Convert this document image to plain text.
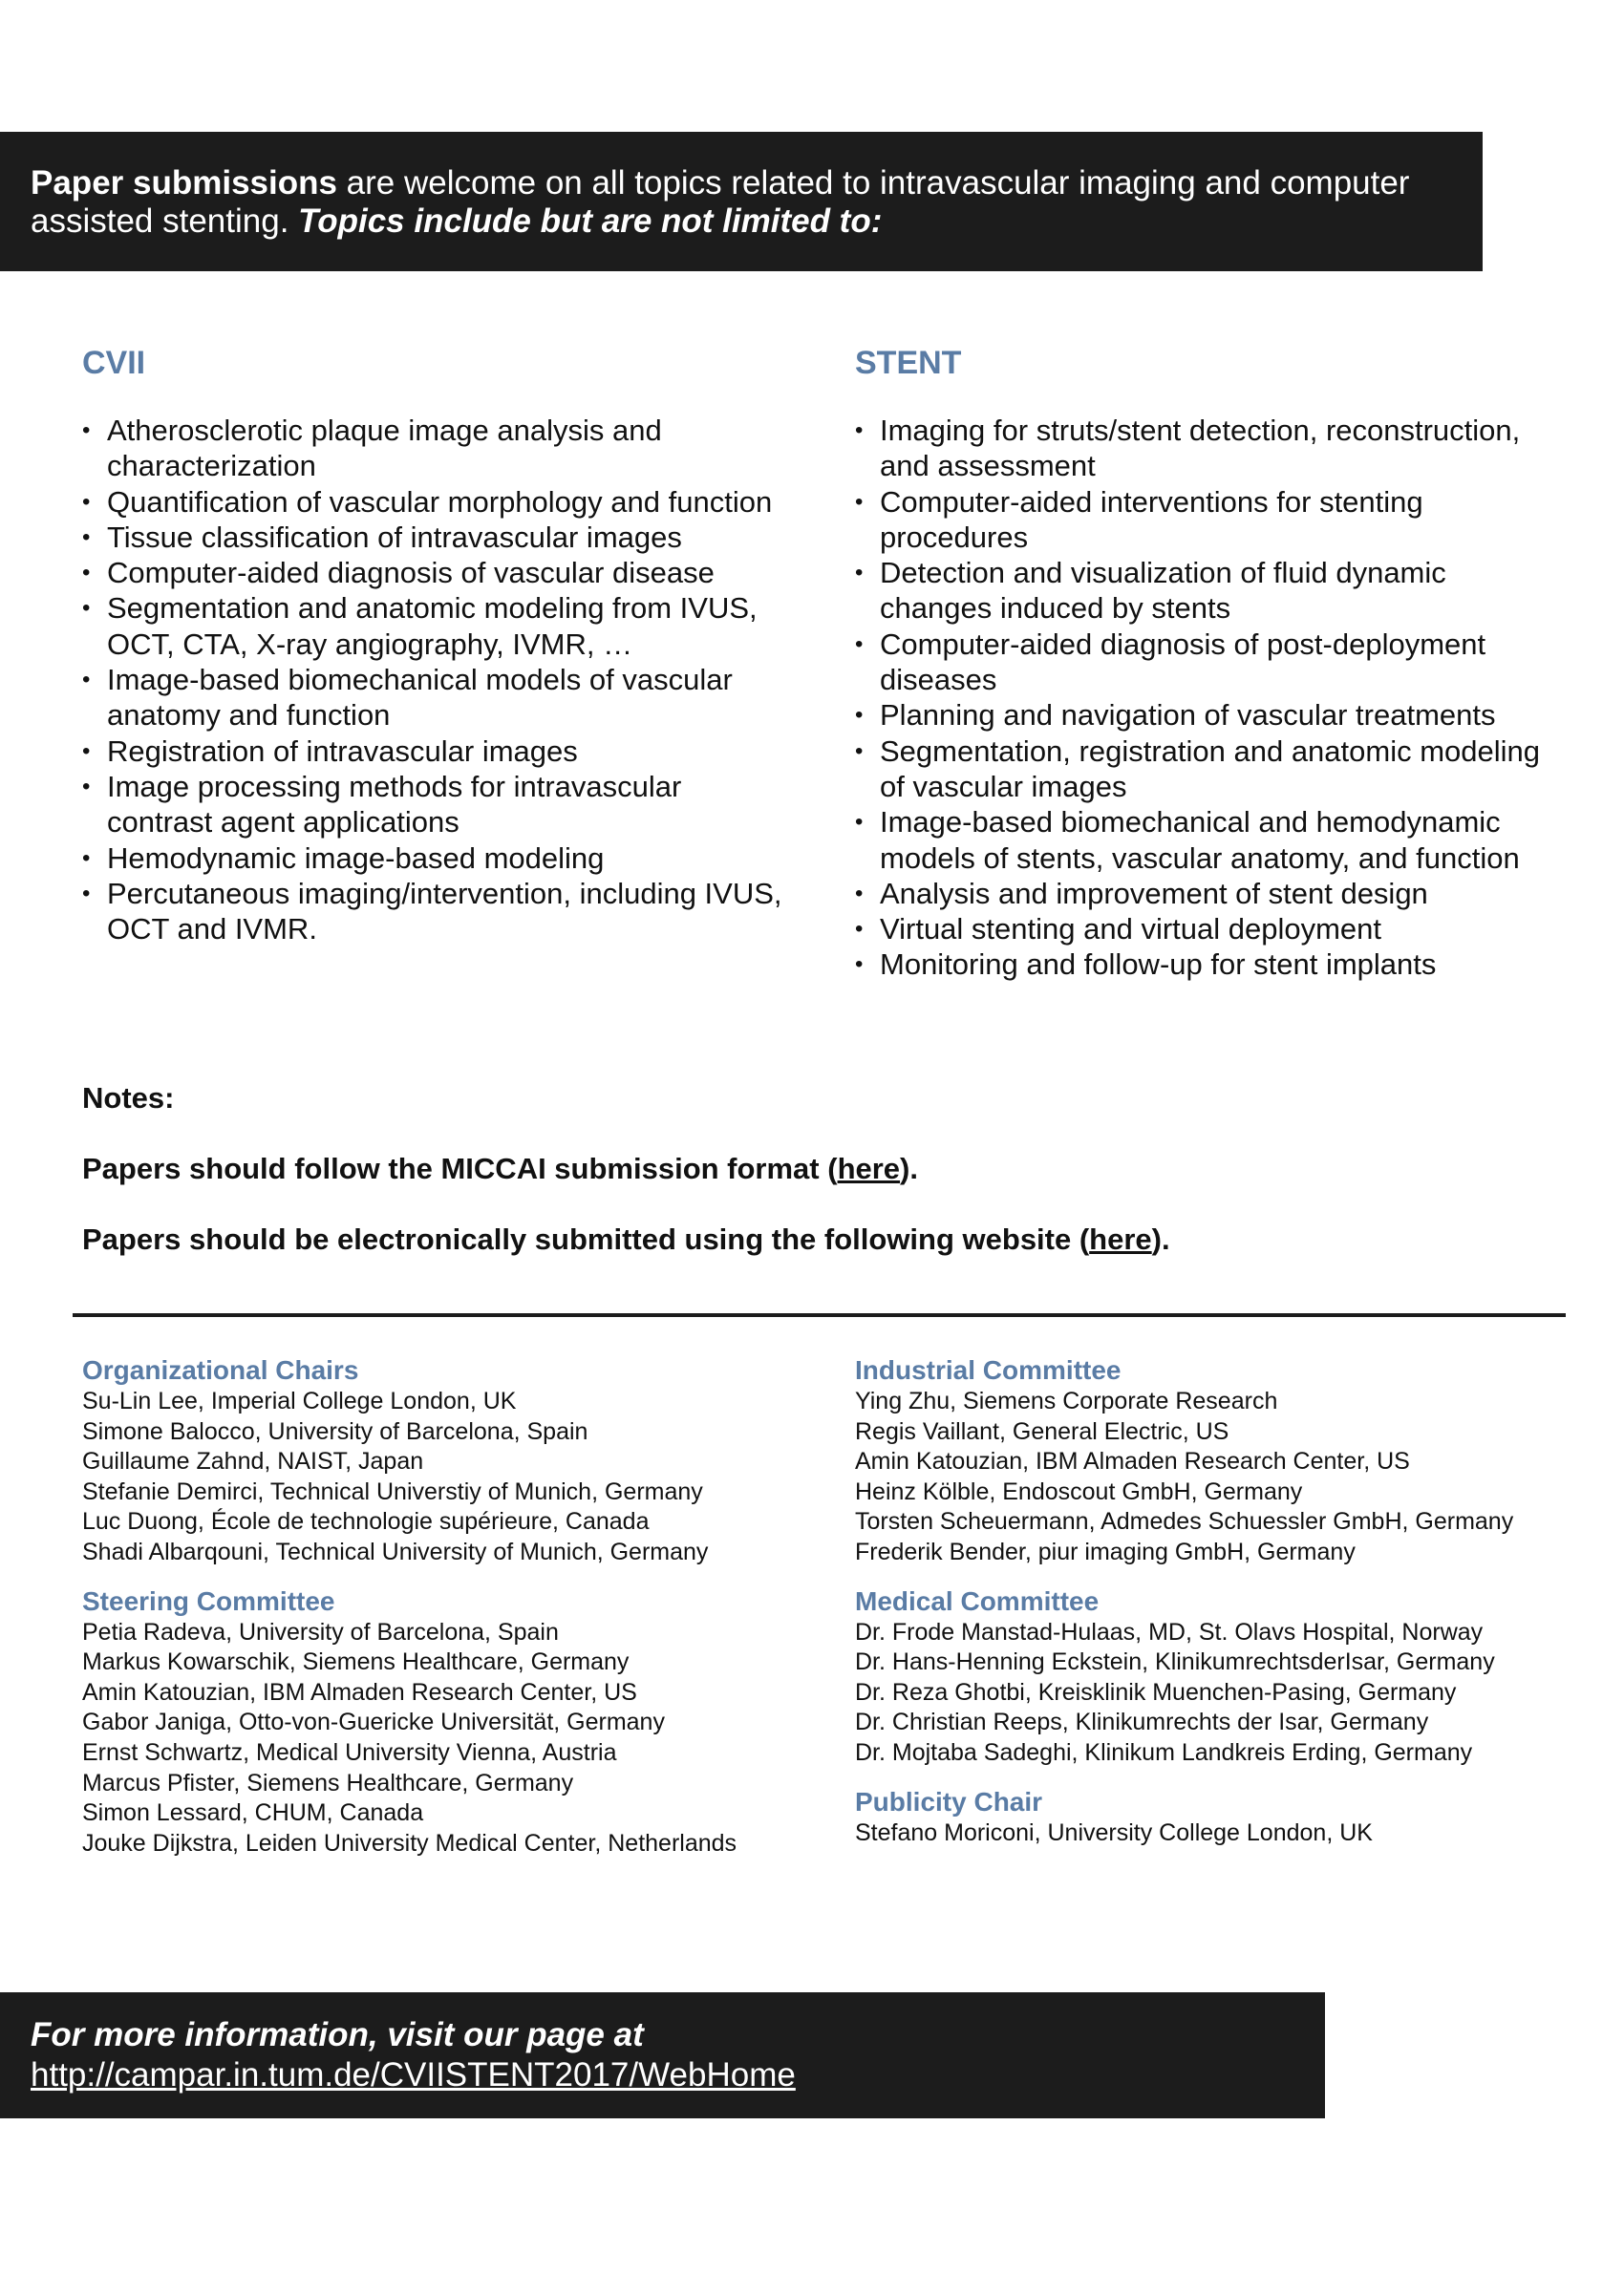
Paper submissions are welcome on all topics related to intravascular imaging and computer assisted stenting. Topics include but are not limited to:
CVII
• Atherosclerotic plaque image analysis and characterization
• Quantification of vascular morphology and function
• Tissue classification of intravascular images
• Computer-aided diagnosis of vascular disease
• Segmentation and anatomic modeling from IVUS, OCT, CTA, X-ray angiography, IVMR, …
• Image-based biomechanical models of vascular anatomy and function
• Registration of intravascular images
• Image processing methods for intravascular contrast agent applications
• Hemodynamic image-based modeling
• Percutaneous imaging/intervention, including IVUS, OCT and IVMR.
STENT
• Imaging for struts/stent detection, reconstruction, and assessment
• Computer-aided interventions for stenting procedures
• Detection and visualization of fluid dynamic changes induced by stents
• Computer-aided diagnosis of post-deployment diseases
• Planning and navigation of vascular treatments
• Segmentation, registration and anatomic modeling of vascular images
• Image-based biomechanical and hemodynamic models of stents, vascular anatomy, and function
• Analysis and improvement of stent design
• Virtual stenting and virtual deployment
• Monitoring and follow-up for stent implants

Notes:

Papers should follow the MICCAI submission format (here).

Papers should be electronically submitted using the following website (here).

Organizational Chairs
Su-Lin Lee, Imperial College London, UK
Simone Balocco, University of Barcelona, Spain
Guillaume Zahnd, NAIST, Japan
Stefanie Demirci, Technical Universtiy of Munich, Germany
Luc Duong, École de technologie supérieure, Canada
Shadi Albarqouni, Technical University of Munich, Germany
Steering Committee
Petia Radeva, University of Barcelona, Spain
Markus Kowarschik, Siemens Healthcare, Germany
Amin Katouzian, IBM Almaden Research Center, US
Gabor Janiga, Otto-von-Guericke Universität, Germany
Ernst Schwartz, Medical University Vienna, Austria
Marcus Pfister, Siemens Healthcare, Germany
Simon Lessard, CHUM, Canada
Jouke Dijkstra, Leiden University Medical Center, Netherlands
Industrial Committee
Ying Zhu, Siemens Corporate Research
Regis Vaillant, General Electric, US
Amin Katouzian, IBM Almaden Research Center, US
Heinz Kölble, Endoscout GmbH, Germany
Torsten Scheuermann, Admedes Schuessler GmbH, Germany
Frederik Bender, piur imaging GmbH, Germany
Medical Committee
Dr. Frode Manstad-Hulaas, MD, St. Olavs Hospital, Norway
Dr. Hans-Henning Eckstein, KlinikumrechtsderIsar, Germany
Dr. Reza Ghotbi, Kreisklinik Muenchen-Pasing, Germany
Dr. Christian Reeps, Klinikumrechts der Isar, Germany
Dr. Mojtaba Sadeghi, Klinikum Landkreis Erding, Germany
Publicity Chair
Stefano Moriconi, University College London, UK
For more information, visit our page at
http://campar.in.tum.de/CVIISTENT2017/WebHome
